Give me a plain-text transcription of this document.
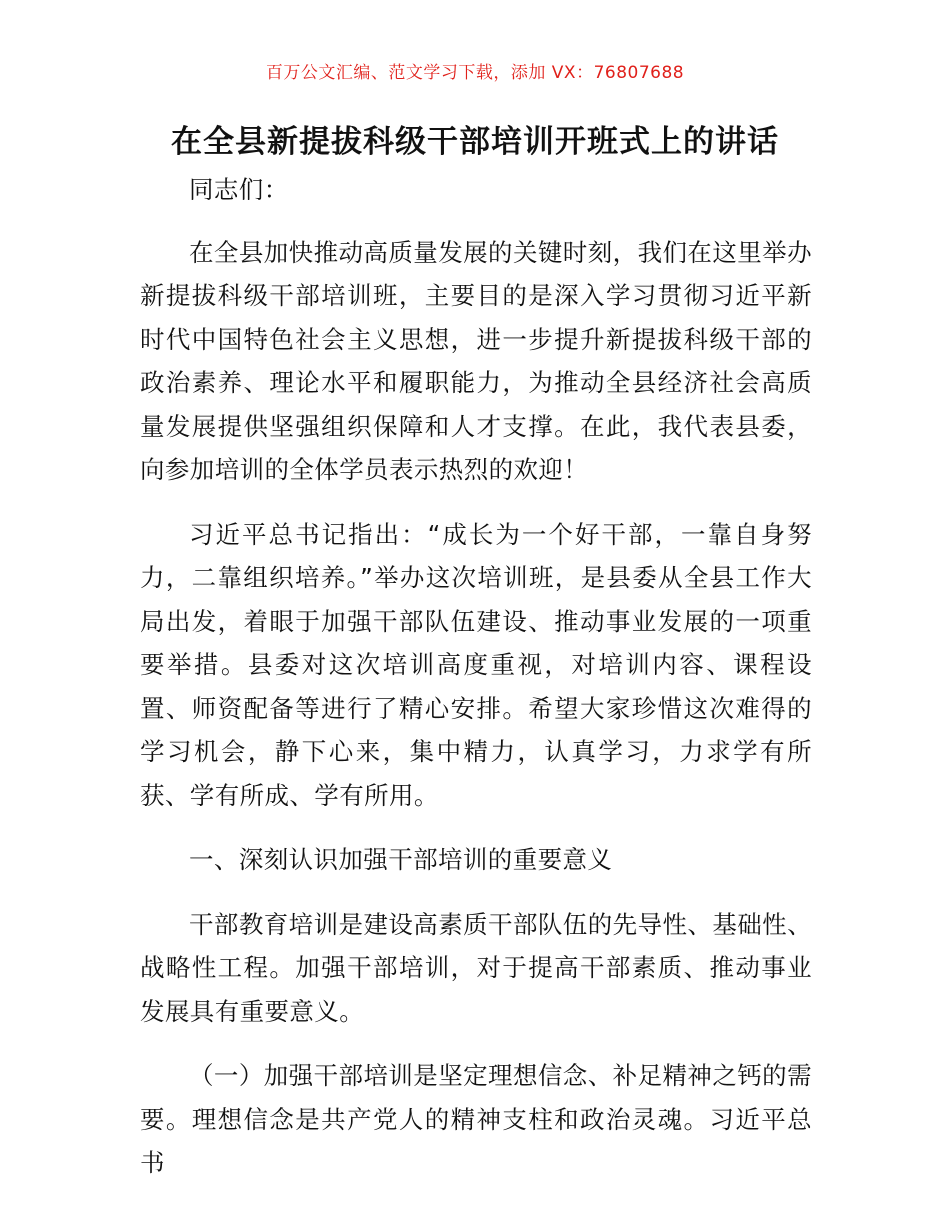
百万公文汇编、范文学习下载，添加 VX：76807688
在全县新提拔科级干部培训开班式上的讲话

同志们：

在全县加快推动高质量发展的关键时刻，我们在这里举办新提拔科级干部培训班，主要目的是深入学习贯彻习近平新时代中国特色社会主义思想，进一步提升新提拔科级干部的政治素养、理论水平和履职能力，为推动全县经济社会高质量发展提供坚强组织保障和人才支撑。在此，我代表县委，向参加培训的全体学员表示热烈的欢迎！

习近平总书记指出：“成长为一个好干部，一靠自身努力，二靠组织培养。”举办这次培训班，是县委从全县工作大局出发，着眼于加强干部队伍建设、推动事业发展的一项重要举措。县委对这次培训高度重视，对培训内容、课程设置、师资配备等进行了精心安排。希望大家珍惜这次难得的学习机会，静下心来，集中精力，认真学习，力求学有所获、学有所成、学有所用。

一、深刻认识加强干部培训的重要意义

干部教育培训是建设高素质干部队伍的先导性、基础性、战略性工程。加强干部培训，对于提高干部素质、推动事业发展具有重要意义。

（一）加强干部培训是坚定理想信念、补足精神之钙的需要。理想信念是共产党人的精神支柱和政治灵魂。习近平总书
